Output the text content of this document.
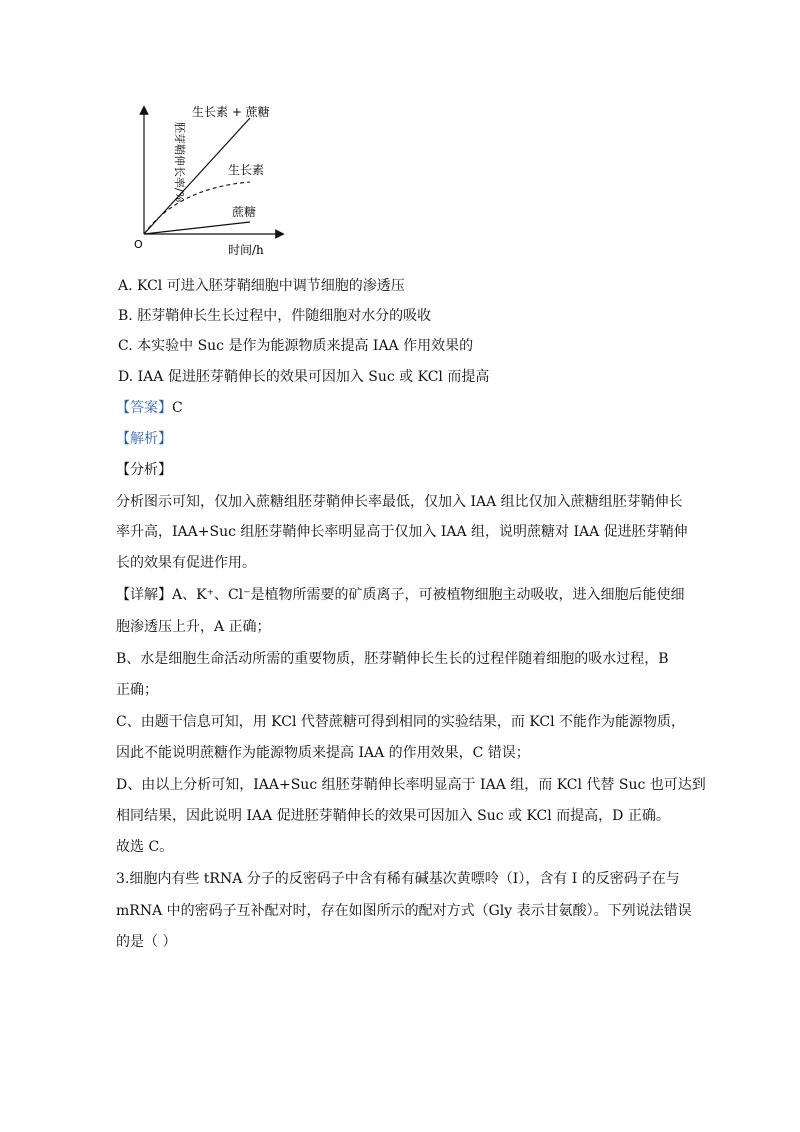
生长素 + 蔗糖
生长素
蔗糖
O	时间/h
胚芽鞘伸长率/%
A. KCl 可进入胚芽鞘细胞中调节细胞的渗透压
B. 胚芽鞘伸长生长过程中，件随细胞对水分的吸收
C. 本实验中 Suc 是作为能源物质来提高 IAA 作用效果的
D. IAA 促进胚芽鞘伸长的效果可因加入 Suc 或 KCl 而提高
【答案】C
【解析】
【分析】
分析图示可知，仅加入蔗糖组胚芽鞘伸长率最低，仅加入 IAA 组比仅加入蔗糖组胚芽鞘伸长
率升高，IAA+Suc 组胚芽鞘伸长率明显高于仅加入 IAA 组，说明蔗糖对 IAA 促进胚芽鞘伸
长的效果有促进作用。
【详解】A、K⁺、Cl⁻是植物所需要的矿质离子，可被植物细胞主动吸收，进入细胞后能使细
胞渗透压上升，A 正确；
B、水是细胞生命活动所需的重要物质，胚芽鞘伸长生长的过程伴随着细胞的吸水过程，B
正确；
C、由题干信息可知，用 KCl 代替蔗糖可得到相同的实验结果，而 KCl 不能作为能源物质，
因此不能说明蔗糖作为能源物质来提高 IAA 的作用效果，C 错误；
D、由以上分析可知，IAA+Suc 组胚芽鞘伸长率明显高于 IAA 组，而 KCl 代替 Suc 也可达到
相同结果，因此说明 IAA 促进胚芽鞘伸长的效果可因加入 Suc 或 KCl 而提高，D 正确。
故选 C。
3.细胞内有些 tRNA 分子的反密码子中含有稀有碱基次黄嘌呤（I），含有 I 的反密码子在与
mRNA 中的密码子互补配对时，存在如图所示的配对方式（Gly 表示甘氨酸）。下列说法错误
的是（ ）
